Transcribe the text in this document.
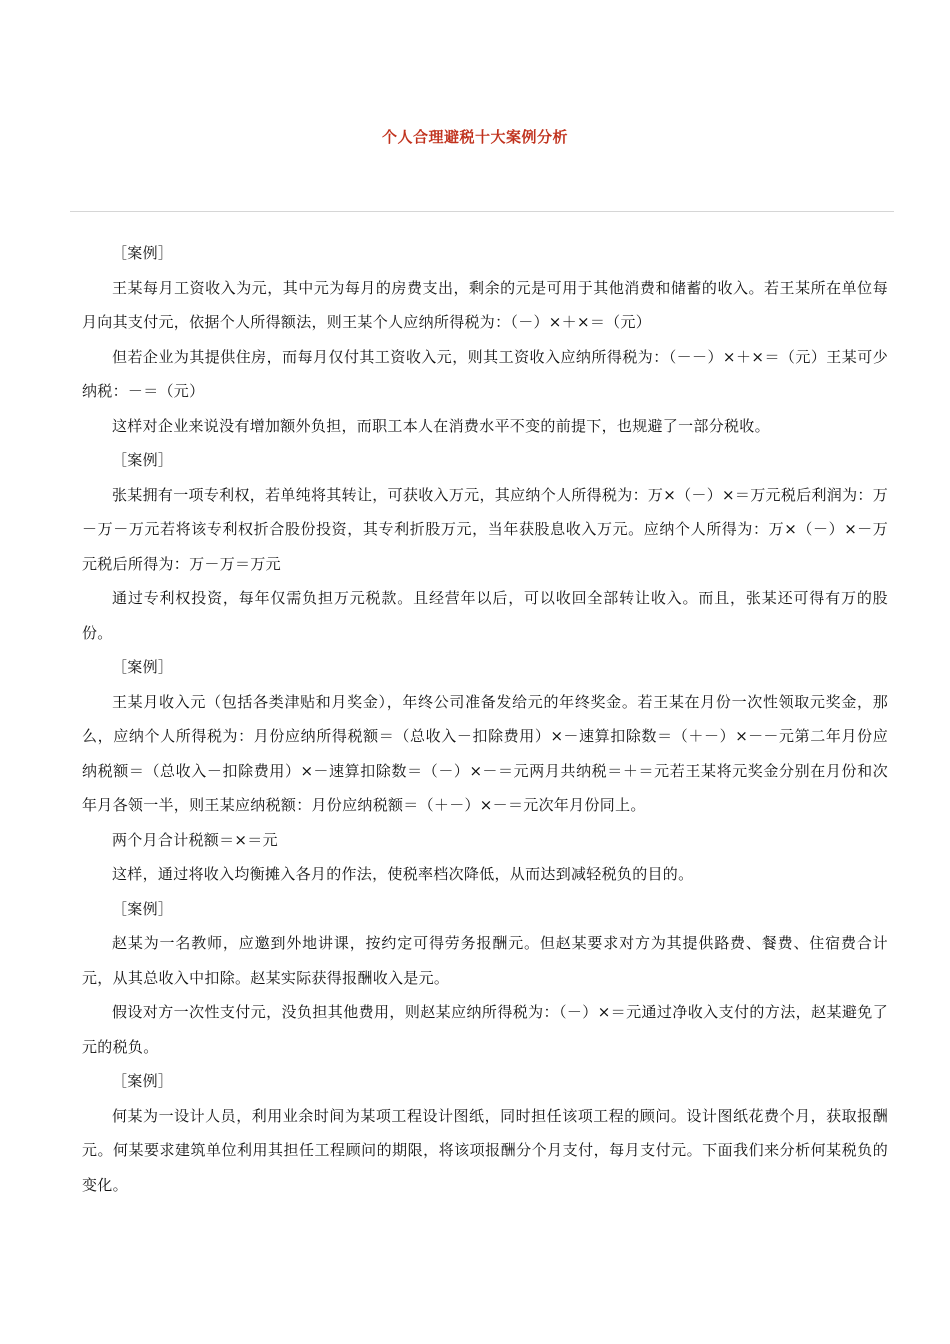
个人合理避税十大案例分析

［案例］

王某每月工资收入为元，其中元为每月的房费支出，剩余的元是可用于其他消费和储蓄的收入。若王某所在单位每月向其支付元，依据个人所得额法，则王某个人应纳所得税为：（－）×＋×＝（元）

但若企业为其提供住房，而每月仅付其工资收入元，则其工资收入应纳所得税为：（－－）×＋×＝（元）王某可少纳税：－＝（元）

这样对企业来说没有增加额外负担，而职工本人在消费水平不变的前提下，也规避了一部分税收。

［案例］

张某拥有一项专利权，若单纯将其转让，可获收入万元，其应纳个人所得税为：万×（－）×＝万元税后利润为：万－万－万元若将该专利权折合股份投资，其专利折股万元，当年获股息收入万元。应纳个人所得为：万×（－）×－万元税后所得为：万－万＝万元

通过专利权投资，每年仅需负担万元税款。且经营年以后，可以收回全部转让收入。而且，张某还可得有万的股份。

［案例］

王某月收入元（包括各类津贴和月奖金），年终公司准备发给元的年终奖金。若王某在月份一次性领取元奖金，那么，应纳个人所得税为：月份应纳所得税额＝（总收入－扣除费用）×－速算扣除数＝（＋－）×－－元第二年月份应纳税额＝（总收入－扣除费用）×－速算扣除数＝（－）×－＝元两月共纳税＝＋＝元若王某将元奖金分别在月份和次年月各领一半，则王某应纳税额：月份应纳税额＝（＋－）×－＝元次年月份同上。

两个月合计税额＝×＝元

这样，通过将收入均衡摊入各月的作法，使税率档次降低，从而达到减轻税负的目的。

［案例］

赵某为一名教师，应邀到外地讲课，按约定可得劳务报酬元。但赵某要求对方为其提供路费、餐费、住宿费合计元，从其总收入中扣除。赵某实际获得报酬收入是元。

假设对方一次性支付元，没负担其他费用，则赵某应纳所得税为：（－）×＝元通过净收入支付的方法，赵某避免了元的税负。

［案例］

何某为一设计人员，利用业余时间为某项工程设计图纸，同时担任该项工程的顾问。设计图纸花费个月，获取报酬元。何某要求建筑单位利用其担任工程顾问的期限，将该项报酬分个月支付，每月支付元。下面我们来分析何某税负的变化。
